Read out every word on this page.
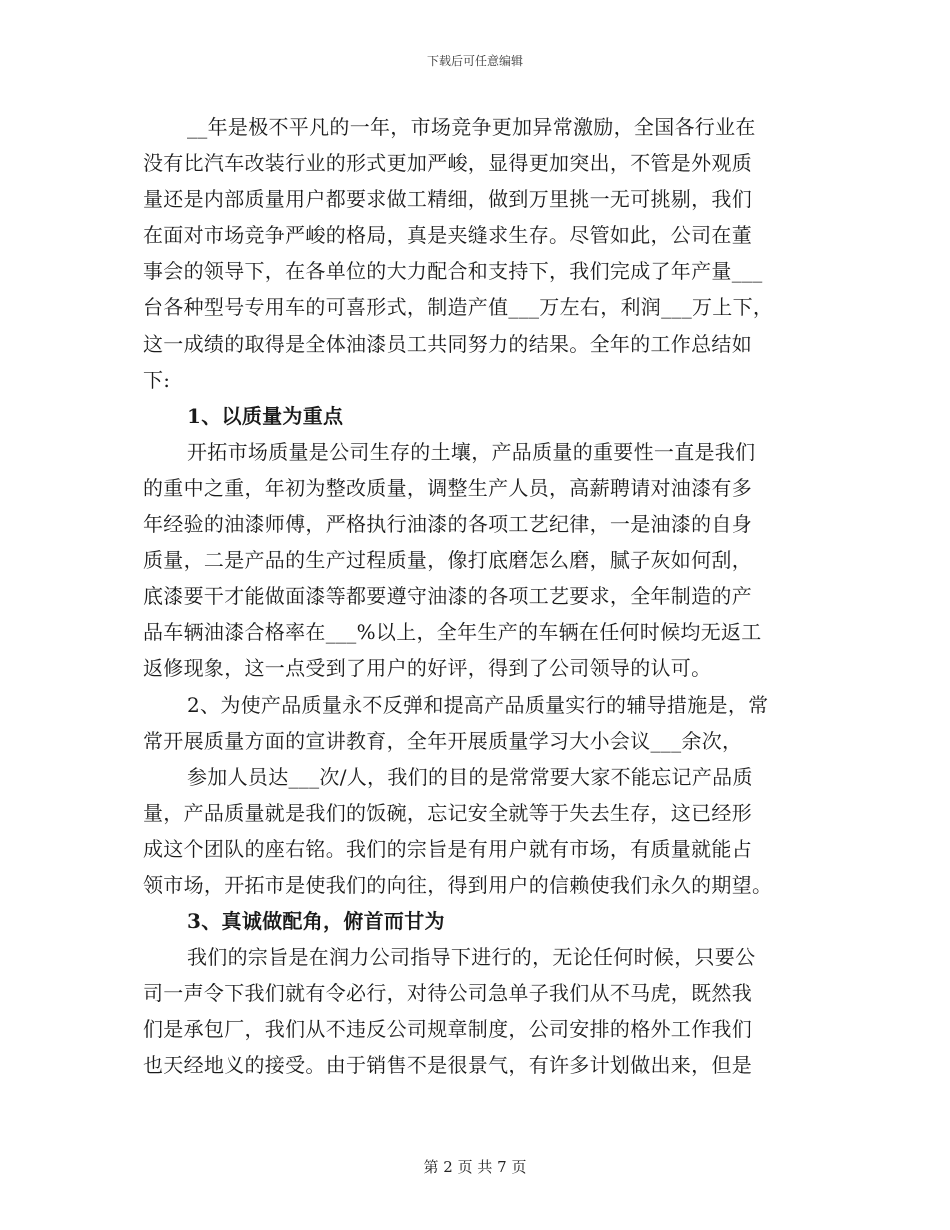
下载后可任意编辑
__年是极不平凡的一年，市场竞争更加异常激励，全国各行业在
没有比汽车改装行业的形式更加严峻，显得更加突出，不管是外观质
量还是内部质量用户都要求做工精细，做到万里挑一无可挑剔，我们
在面对市场竞争严峻的格局，真是夹缝求生存。尽管如此，公司在董
事会的领导下，在各单位的大力配合和支持下，我们完成了年产量___
台各种型号专用车的可喜形式，制造产值___万左右，利润___万上下，
这一成绩的取得是全体油漆员工共同努力的结果。全年的工作总结如
下:
1、以质量为重点
开拓市场质量是公司生存的土壤，产品质量的重要性一直是我们
的重中之重，年初为整改质量，调整生产人员，高薪聘请对油漆有多
年经验的油漆师傅，严格执行油漆的各项工艺纪律，一是油漆的自身
质量，二是产品的生产过程质量，像打底磨怎么磨，腻子灰如何刮，
底漆要干才能做面漆等都要遵守油漆的各项工艺要求，全年制造的产
品车辆油漆合格率在___%以上，全年生产的车辆在任何时候均无返工
返修现象，这一点受到了用户的好评，得到了公司领导的认可。
2、为使产品质量永不反弹和提高产品质量实行的辅导措施是，常
常开展质量方面的宣讲教育，全年开展质量学习大小会议___余次，
参加人员达___次/人，我们的目的是常常要大家不能忘记产品质
量，产品质量就是我们的饭碗，忘记安全就等于失去生存，这已经形
成这个团队的座右铭。我们的宗旨是有用户就有市场，有质量就能占
领市场，开拓市是使我们的向往，得到用户的信赖使我们永久的期望。
3、真诚做配角，俯首而甘为
我们的宗旨是在润力公司指导下进行的，无论任何时候，只要公
司一声令下我们就有令必行，对待公司急单子我们从不马虎，既然我
们是承包厂，我们从不违反公司规章制度，公司安排的格外工作我们
也天经地义的接受。由于销售不是很景气，有许多计划做出来，但是
第 2 页 共 7 页
